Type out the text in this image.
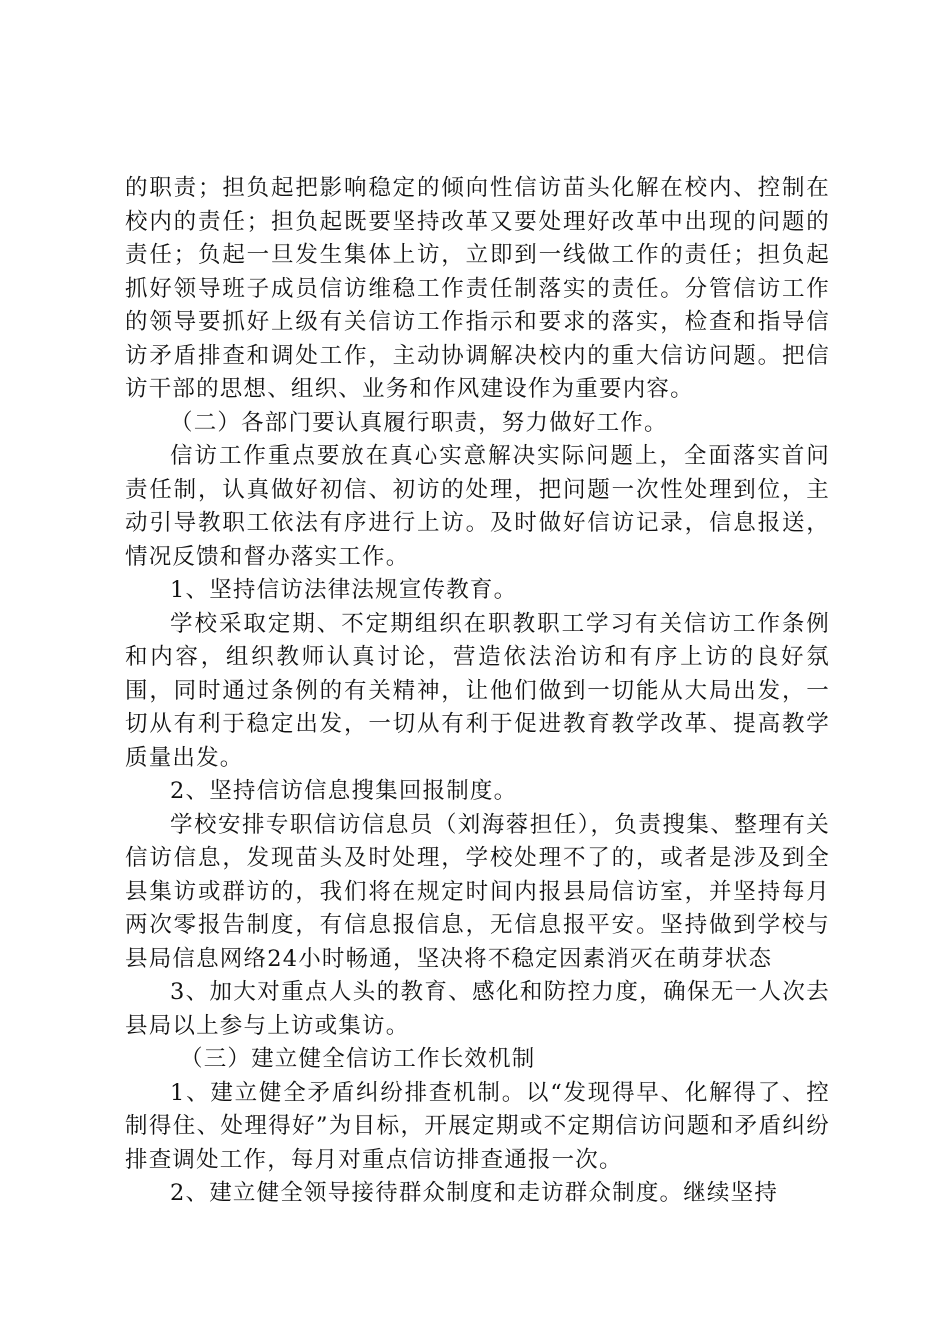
的职责；担负起把影响稳定的倾向性信访苗头化解在校内、控制在校内的责任；担负起既要坚持改革又要处理好改革中出现的问题的责任；负起一旦发生集体上访，立即到一线做工作的责任；担负起抓好领导班子成员信访维稳工作责任制落实的责任。分管信访工作的领导要抓好上级有关信访工作指示和要求的落实，检查和指导信访矛盾排查和调处工作，主动协调解决校内的重大信访问题。把信访干部的思想、组织、业务和作风建设作为重要内容。

（二）各部门要认真履行职责，努力做好工作。

信访工作重点要放在真心实意解决实际问题上，全面落实首问责任制，认真做好初信、初访的处理，把问题一次性处理到位，主动引导教职工依法有序进行上访。及时做好信访记录，信息报送，情况反馈和督办落实工作。

1、坚持信访法律法规宣传教育。

学校采取定期、不定期组织在职教职工学习有关信访工作条例和内容，组织教师认真讨论，营造依法治访和有序上访的良好氛围，同时通过条例的有关精神，让他们做到一切能从大局出发，一切从有利于稳定出发，一切从有利于促进教育教学改革、提高教学质量出发。

2、坚持信访信息搜集回报制度。

学校安排专职信访信息员（刘海蓉担任），负责搜集、整理有关信访信息，发现苗头及时处理，学校处理不了的，或者是涉及到全县集访或群访的，我们将在规定时间内报县局信访室，并坚持每月两次零报告制度，有信息报信息，无信息报平安。坚持做到学校与县局信息网络24小时畅通，坚决将不稳定因素消灭在萌芽状态

3、加大对重点人头的教育、感化和防控力度，确保无一人次去县局以上参与上访或集访。

（三）建立健全信访工作长效机制

1、建立健全矛盾纠纷排查机制。以“发现得早、化解得了、控制得住、处理得好”为目标，开展定期或不定期信访问题和矛盾纠纷排查调处工作，每月对重点信访排查通报一次。

2、建立健全领导接待群众制度和走访群众制度。继续坚持
